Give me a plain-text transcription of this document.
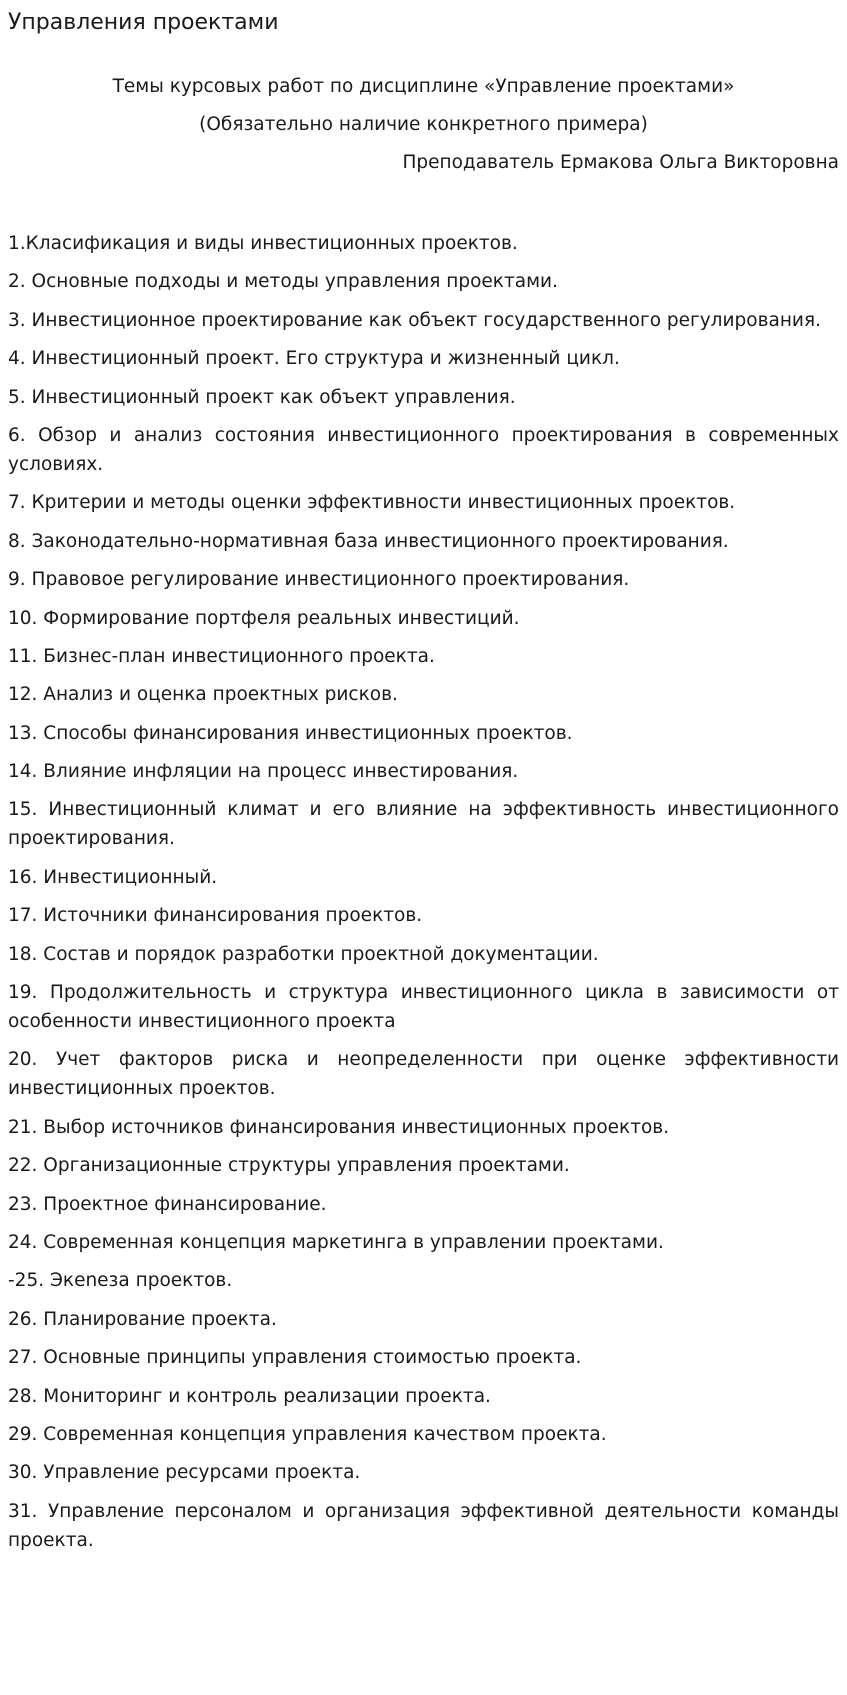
Управления проектами

Темы курсовых работ по дисциплине «Управление проектами»

(Обязательно наличие конкретного примера)

Преподаватель Ермакова Ольга Викторовна

1.Класификация и виды инвестиционных проектов.
2. Основные подходы и методы управления проектами.
3. Инвестиционное проектирование как объект государственного регулирования.
4. Инвестиционный проект. Его структура и жизненный цикл.
5. Инвестиционный проект как объект управления.
6. Обзор и анализ состояния инвестиционного проектирования в современных условиях.
7. Критерии и методы оценки эффективности инвестиционных проектов.
8. Законодательно-нормативная база инвестиционного проектирования.
9. Правовое регулирование инвестиционного проектирования.
10. Формирование портфеля реальных инвестиций.
11. Бизнес-план инвестиционного проекта.
12. Анализ и оценка проектных рисков.
13. Способы финансирования инвестиционных проектов.
14. Влияние инфляции на процесс инвестирования.
15. Инвестиционный климат и его влияние на эффективность инвестиционного проектирования.
16. Инвестиционный.
17. Источники финансирования проектов.
18. Состав и порядок разработки проектной документации.
19. Продолжительность и структура инвестиционного цикла в зависимости от особенности инвестиционного проекта
20. Учет факторов риска и неопределенности при оценке эффективности инвестиционных проектов.
21. Выбор источников финансирования инвестиционных проектов.
22. Организационные структуры управления проектами.
23. Проектное финансирование.
24. Современная концепция маркетинга в управлении проектами.
-25. Экеneза проектов.
26. Планирование проекта.
27. Основные принципы управления стоимостью проекта.
28. Мониторинг и контроль реализации проекта.
29. Современная концепция управления качеством проекта.
30. Управление ресурсами проекта.
31. Управление персоналом и организация эффективной деятельности команды проекта.
